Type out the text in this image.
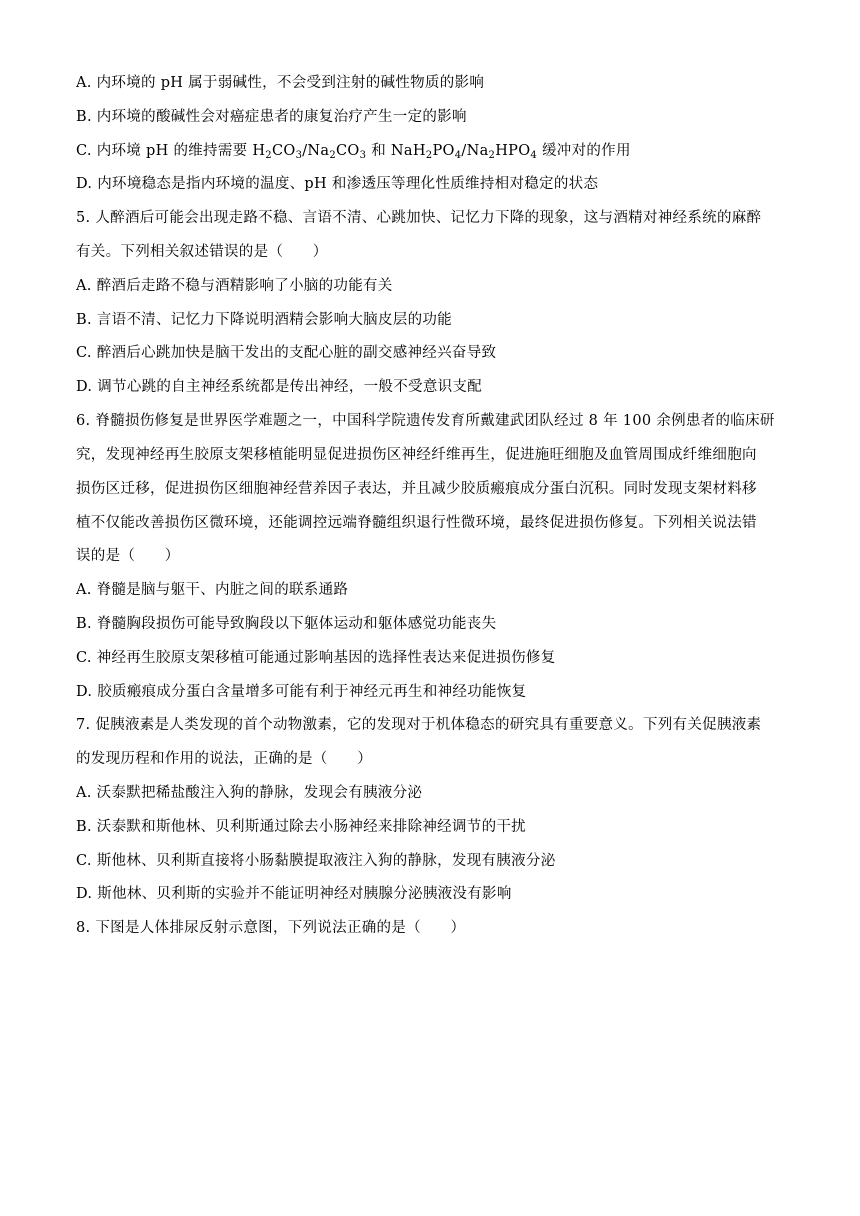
A. 内环境的 pH 属于弱碱性，不会受到注射的碱性物质的影响
B. 内环境的酸碱性会对癌症患者的康复治疗产生一定的影响
C. 内环境 pH 的维持需要 $H_2CO_3/Na_2CO_3$ 和 $NaH_2PO_4/Na_2HPO_4$ 缓冲对的作用
D. 内环境稳态是指内环境的温度、pH 和渗透压等理化性质维持相对稳定的状态
5. 人醉酒后可能会出现走路不稳、言语不清、心跳加快、记忆力下降的现象，这与酒精对神经系统的麻醉
有关。下列相关叙述错误的是（　　）
A. 醉酒后走路不稳与酒精影响了小脑的功能有关
B. 言语不清、记忆力下降说明酒精会影响大脑皮层的功能
C. 醉酒后心跳加快是脑干发出的支配心脏的副交感神经兴奋导致
D. 调节心跳的自主神经系统都是传出神经，一般不受意识支配
6. 脊髓损伤修复是世界医学难题之一，中国科学院遗传发育所戴建武团队经过 8 年 100 余例患者的临床研
究，发现神经再生胶原支架移植能明显促进损伤区神经纤维再生，促进施旺细胞及血管周围成纤维细胞向
损伤区迁移，促进损伤区细胞神经营养因子表达，并且减少胶质瘢痕成分蛋白沉积。同时发现支架材料移
植不仅能改善损伤区微环境，还能调控远端脊髓组织退行性微环境，最终促进损伤修复。下列相关说法错
误的是（　　）
A. 脊髓是脑与躯干、内脏之间的联系通路
B. 脊髓胸段损伤可能导致胸段以下躯体运动和躯体感觉功能丧失
C. 神经再生胶原支架移植可能通过影响基因的选择性表达来促进损伤修复
D. 胶质瘢痕成分蛋白含量增多可能有利于神经元再生和神经功能恢复
7. 促胰液素是人类发现的首个动物激素，它的发现对于机体稳态的研究具有重要意义。下列有关促胰液素
的发现历程和作用的说法，正确的是（　　）
A. 沃泰默把稀盐酸注入狗的静脉，发现会有胰液分泌
B. 沃泰默和斯他林、贝利斯通过除去小肠神经来排除神经调节的干扰
C. 斯他林、贝利斯直接将小肠黏膜提取液注入狗的静脉，发现有胰液分泌
D. 斯他林、贝利斯的实验并不能证明神经对胰腺分泌胰液没有影响
8. 下图是人体排尿反射示意图，下列说法正确的是（　　）
